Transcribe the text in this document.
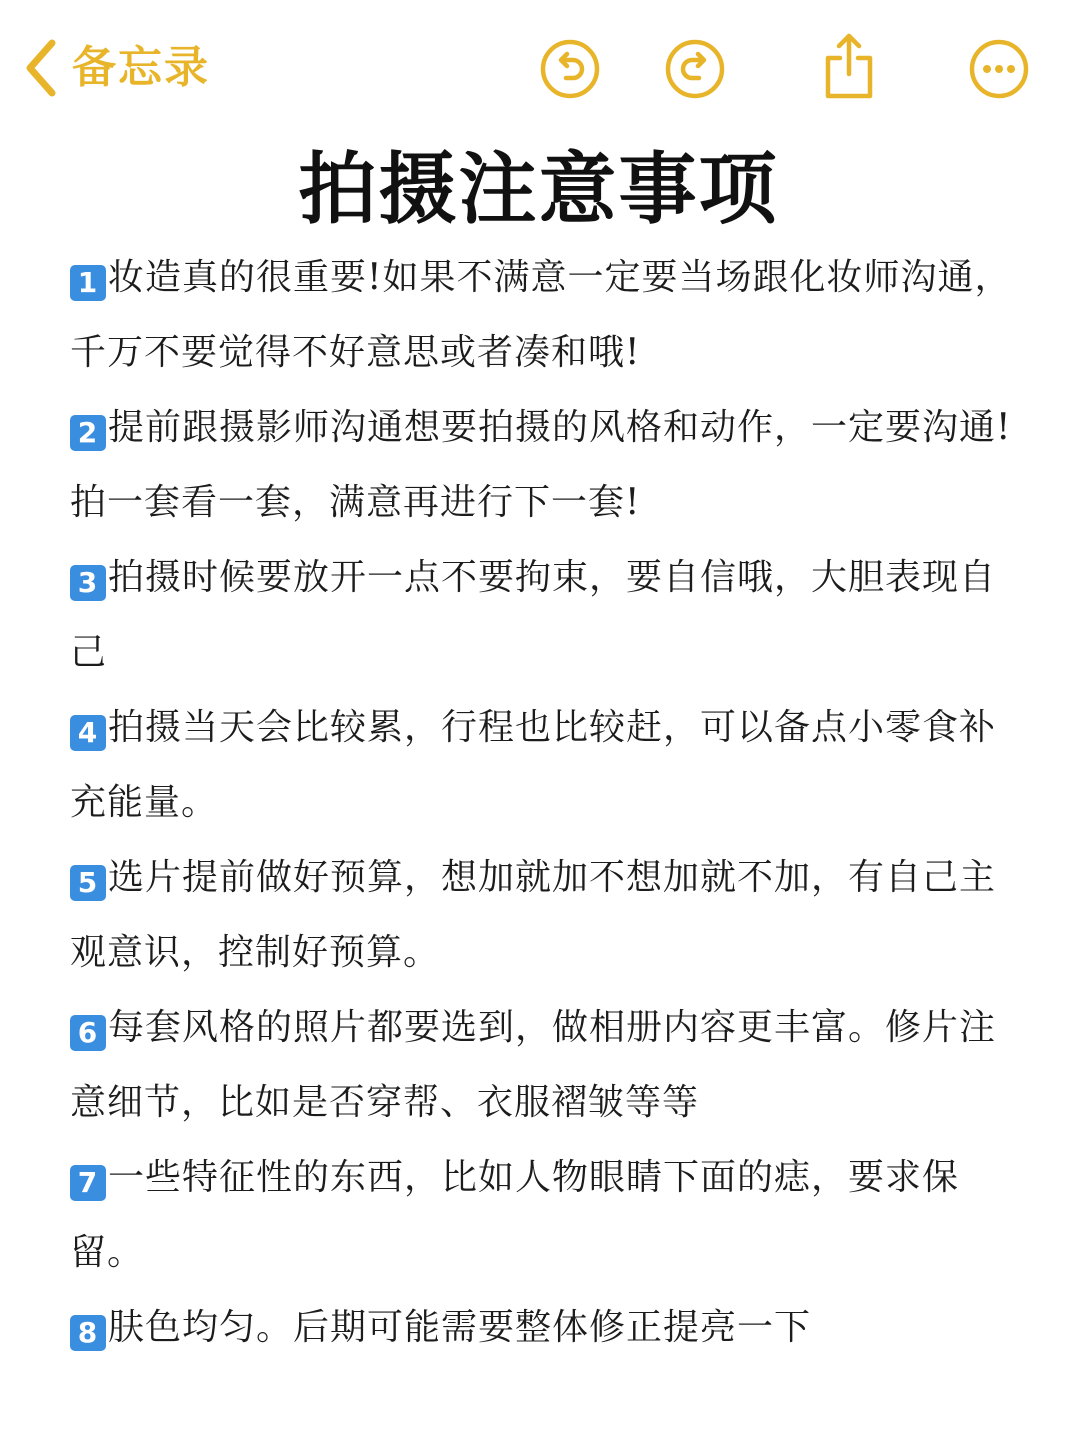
备忘录
拍摄注意事项
1 妆造真的很重要!如果不满意一定要当场跟化妆师沟通，千万不要觉得不好意思或者凑和哦!
2 提前跟摄影师沟通想要拍摄的风格和动作，一定要沟通!拍一套看一套，满意再进行下一套!
3 拍摄时候要放开一点不要拘束，要自信哦，大胆表现自己
4 拍摄当天会比较累，行程也比较赶，可以备点小零食补充能量。
5 选片提前做好预算，想加就加不想加就不加，有自己主观意识，控制好预算。
6 每套风格的照片都要选到，做相册内容更丰富。修片注意细节，比如是否穿帮、衣服褶皱等等
7 一些特征性的东西，比如人物眼睛下面的痣，要求保留。
8 肤色均匀。后期可能需要整体修正提亮一下
